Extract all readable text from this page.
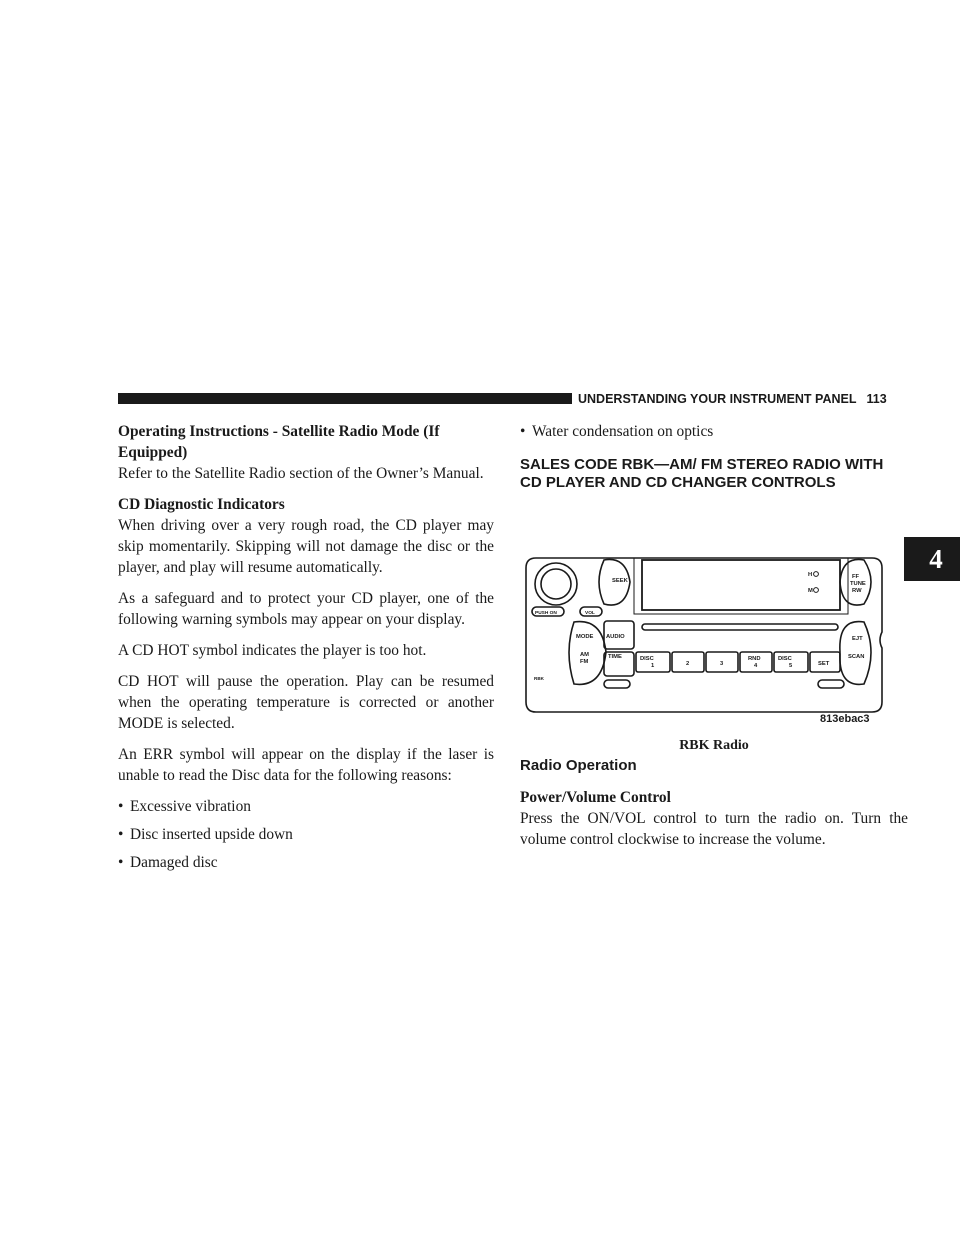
UNDERSTANDING YOUR INSTRUMENT PANEL 113
4

Operating Instructions - Satellite Radio Mode (If Equipped)

Refer to the Satellite Radio section of the Owner’s Manual.

CD Diagnostic Indicators

When driving over a very rough road, the CD player may skip momentarily. Skipping will not damage the disc or the player, and play will resume automatically.

As a safeguard and to protect your CD player, one of the following warning symbols may appear on your display.

A CD HOT symbol indicates the player is too hot.

CD HOT will pause the operation. Play can be resumed when the operating temperature is corrected or another MODE is selected.

An ERR symbol will appear on the display if the laser is unable to read the Disc data for the following reasons:

• Excessive vibration
• Disc inserted upside down
• Damaged disc
• Water condensation on optics

SALES CODE RBK—AM/ FM STEREO RADIO WITH CD PLAYER AND CD CHANGER CONTROLS

SEEK
PUSH ON	VOL
MODE
AM
FM
AUDIO
TIME	DISC
1	2	3
RND
4
DISC
5	SET
H
M
FF
TUNE
RW
EJT
SCAN
RBK
813ebac3
RBK Radio

Radio Operation

Power/Volume Control

Press the ON/VOL control to turn the radio on. Turn the volume control clockwise to increase the volume.
